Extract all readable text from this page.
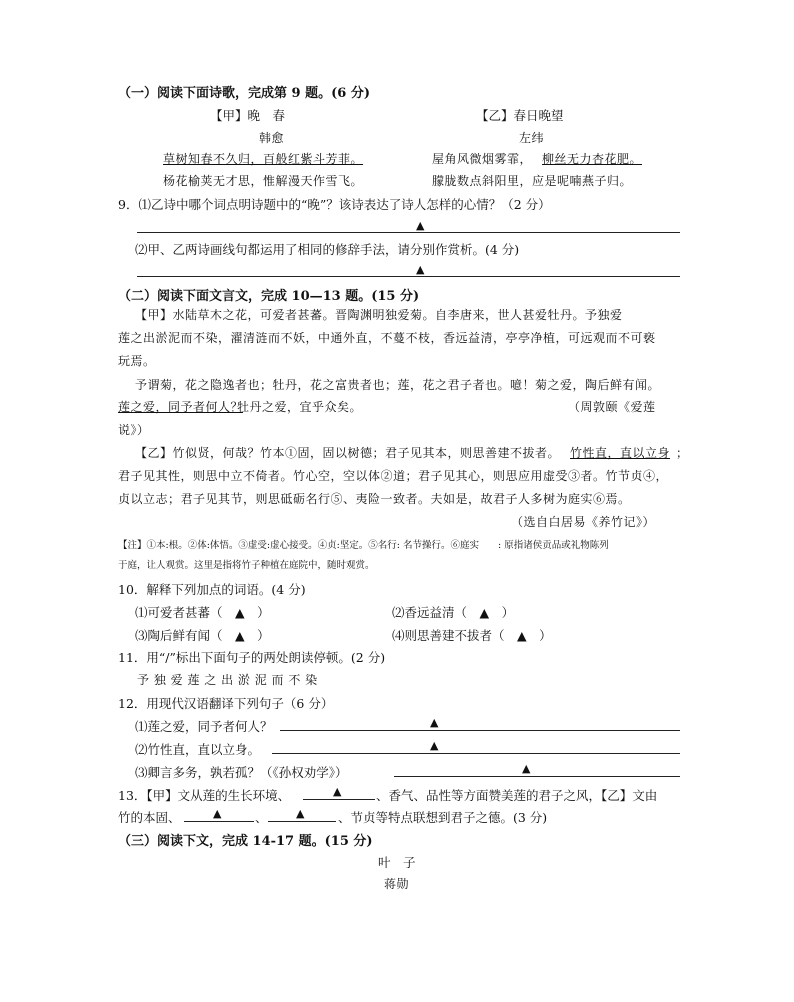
（一）阅读下面诗歌，完成第 9 题。(6 分)
【甲】晚　春	【乙】春日晚望
韩愈	左纬
草树知春不久归，百般红紫斗芳菲。	屋角风微烟雾霏， 柳丝无力杏花肥。
杨花榆荚无才思，惟解漫天作雪飞。	朦胧数点斜阳里，应是呢喃燕子归。
9．⑴乙诗中哪个词点明诗题中的“晚”？该诗表达了诗人怎样的心情？（2 分）
▲
⑵甲、乙两诗画线句都运用了相同的修辞手法，请分别作赏析。(4 分)
▲
（二）阅读下面文言文，完成 10—13 题。(15 分)
【甲】水陆草木之花，可爱者甚蕃。晋陶渊明独爱菊。自李唐来，世人甚爱牡丹。予独爱
莲之出淤泥而不染，濯清涟而不妖，中通外直，不蔓不枝，香远益清，亭亭净植，可远观而不可亵
玩焉。
予谓菊，花之隐逸者也；牡丹，花之富贵者也；莲，花之君子者也。噫！菊之爱，陶后鲜有闻。
莲之爱，同予者何人？
牡丹之爱，宜乎众矣。	（周敦颐《爱莲
说》）
【乙】竹似贤，何哉？竹本①固，固以树德；君子见其本，则思善建不拔者。 竹性直，直以立身 ；
君子见其性，则思中立不倚者。竹心空，空以体②道；君子见其心，则思应用虚受③者。竹节贞④，
贞以立志；君子见其节，则思砥砺名行⑤、夷险一致者。夫如是，故君子人多树为庭实⑥焉。
（选自白居易《养竹记》）
【注】①本:根。②体:体悟。③虚受:虚心接受。④贞:坚定。⑤名行: 名节操行。⑥庭实　　: 原指诸侯贡品或礼物陈列
于庭，让人观赏。这里是指将竹子种植在庭院中，随时观赏。
10．解释下列加点的词语。(4 分)
⑴可爱者甚蕃（　▲　）	⑵香远益清（　▲　）
⑶陶后鲜有闻（　▲　）	⑷则思善建不拔者（　▲　）
11．用“/”标出下面句子的两处朗读停顿。(2 分)
予 独 爱 莲 之 出 淤 泥 而 不 染
12．用现代汉语翻译下列句子（6 分）
⑴莲之爱，同予者何人？	▲
⑵竹性直，直以立身。	▲
⑶卿言多务，孰若孤？（《孙权劝学》）	▲
13．【甲】文从莲的生长环境、	▲	、香气、品性等方面赞美莲的君子之风，【乙】文由
竹的本固、	▲	、	▲	、节贞等特点联想到君子之德。(3 分)
（三）阅读下文，完成 14-17 题。(15 分)
叶　子
蒋勋
